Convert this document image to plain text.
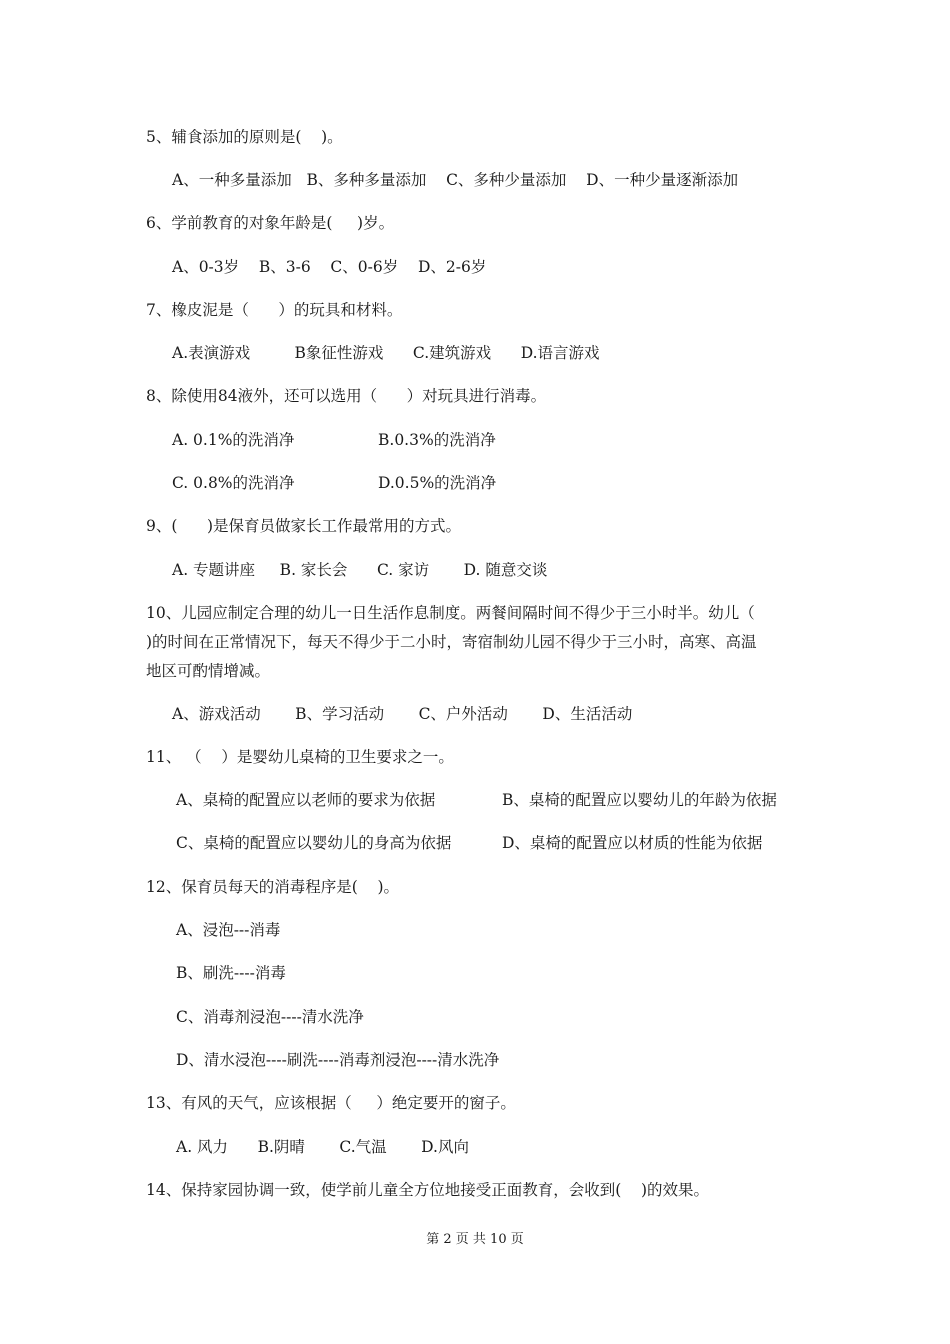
5、辅食添加的原则是(    )。
A、一种多量添加   B、多种多量添加    C、多种少量添加    D、一种少量逐渐添加
6、学前教育的对象年龄是(     )岁。
A、0-3岁    B、3-6    C、0-6岁    D、2-6岁
7、橡皮泥是（      ）的玩具和材料。
A.表演游戏         B象征性游戏      C.建筑游戏      D.语言游戏
8、除使用84液外，还可以选用（      ）对玩具进行消毒。
A. 0.1%的洗消净	B.0.3%的洗消净
C. 0.8%的洗消净	D.0.5%的洗消净
9、(      )是保育员做家长工作最常用的方式。
A. 专题讲座     B. 家长会      C. 家访       D. 随意交谈
10、儿园应制定合理的幼儿一日生活作息制度。两餐间隔时间不得少于三小时半。幼儿（
)的时间在正常情况下，每天不得少于二小时，寄宿制幼儿园不得少于三小时，高寒、高温
地区可酌情增减。
A、游戏活动       B、学习活动       C、户外活动       D、生活活动
11、 （    ）是婴幼儿桌椅的卫生要求之一。
A、桌椅的配置应以老师的要求为依据	B、桌椅的配置应以婴幼儿的年龄为依据
C、桌椅的配置应以婴幼儿的身高为依据	D、桌椅的配置应以材质的性能为依据
12、保育员每天的消毒程序是(    )。
A、浸泡---消毒
B、刷洗----消毒
C、消毒剂浸泡----清水洗净
D、清水浸泡----刷洗----消毒剂浸泡----清水洗净
13、有风的天气，应该根据（     ）绝定要开的窗子。
A. 风力      B.阴晴       C.气温       D.风向
14、保持家园协调一致，使学前儿童全方位地接受正面教育，会收到(    )的效果。
第 2 页 共 10 页
